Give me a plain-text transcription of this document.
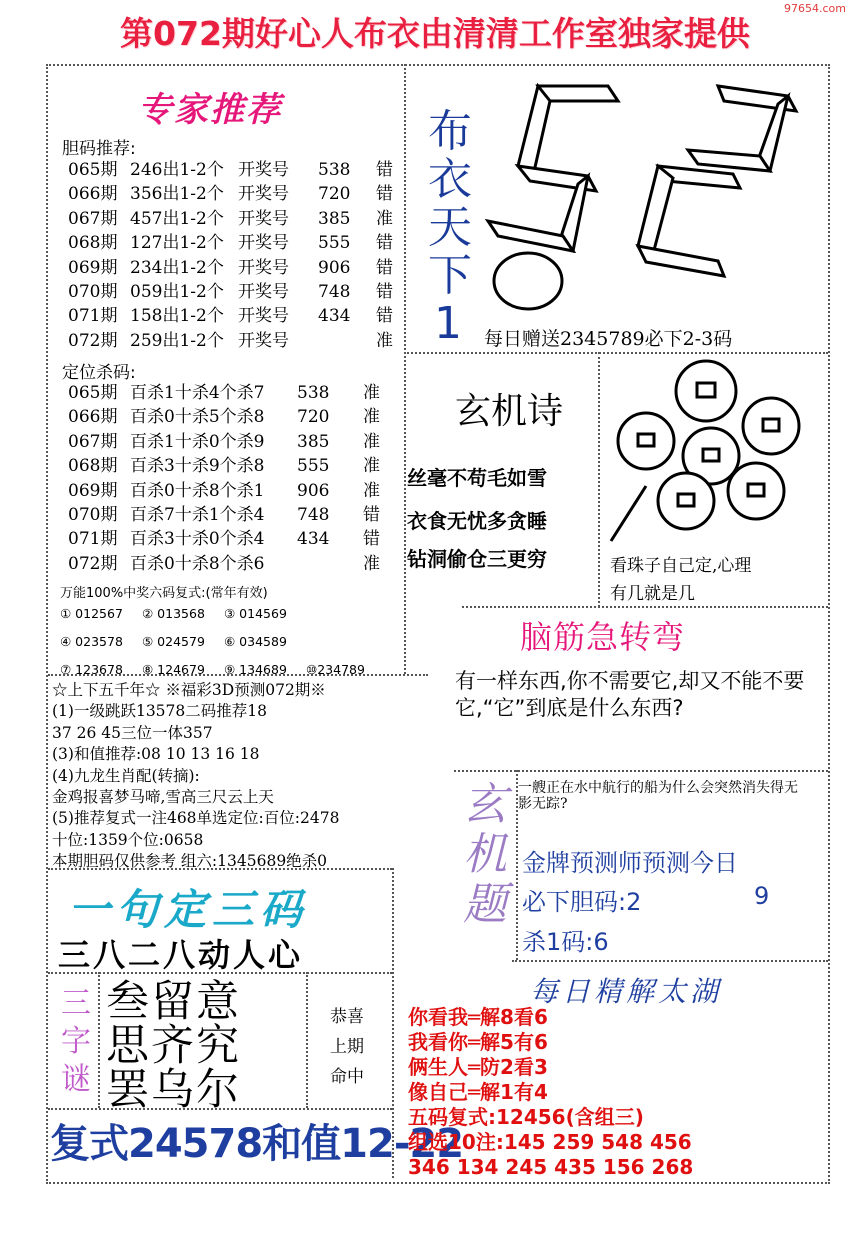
97654.com
第072期好心人布衣由清清工作室独家提供
专家推荐
胆码推荐:
065期 246出1-2个 开奖号	538	错
066期 356出1-2个 开奖号	720	错
067期 457出1-2个 开奖号	385	准
068期 127出1-2个 开奖号	555	错
069期 234出1-2个 开奖号	906	错
070期 059出1-2个 开奖号	748	错
071期 158出1-2个 开奖号	434	错
072期 259出1-2个 开奖号	准
定位杀码:
065期 百杀1十杀4个杀7	538	准
066期 百杀0十杀5个杀8	720	准
067期 百杀1十杀0个杀9	385	准
068期 百杀3十杀9个杀8	555	准
069期 百杀0十杀8个杀1	906	准
070期 百杀7十杀1个杀4	748	错
071期 百杀3十杀0个杀4	434	错
072期 百杀0十杀8个杀6	准
万能100%中奖六码复式:(常年有效)
① 012567 ② 013568 ③ 014569
④ 023578 ⑤ 024579 ⑥ 034589
⑦ 123678 ⑧ 124679 ⑨ 134689 ⑩234789
布
衣
天
下
1	每日赠送2345789必下2-3码
玄机诗
丝毫不苟毛如雪
衣食无忧多贪睡
钻洞偷仓三更穷	看珠子自己定,心理
有几就是几
脑筋急转弯
有一样东西,你不需要它,却又不能不要它,“它”到底是什么东西?
☆上下五千年☆ ※福彩3D预测072期※
(1)一级跳跃13578二码推荐18
37 26 45三位一体357
(3)和值推荐:08 10 13 16 18
(4)九龙生肖配(转摘):
金鸡报喜梦马啼,雪高三尺云上天
(5)推荐复式一注468单选定位:百位:2478
十位:1359个位:0658
本期胆码仅供参考 组六:1345689绝杀0
玄
机
题
一艘正在水中航行的船为什么会突然消失得无影无踪?
金牌预测师预测今日
必下胆码:2	9
杀1码:6
每日精解太湖
一句定三码
三八二八动人心
三
字
谜
叁留意
思齐究
罢乌尔
恭喜
上期
命中
复式24578和值12-22
你看我═解8看6
我看你═解5有6
俩生人═防2看3
像自己═解1有4
五码复式:12456(含组三)
组选10注:145 259 548 456
346 134 245 435 156 268
